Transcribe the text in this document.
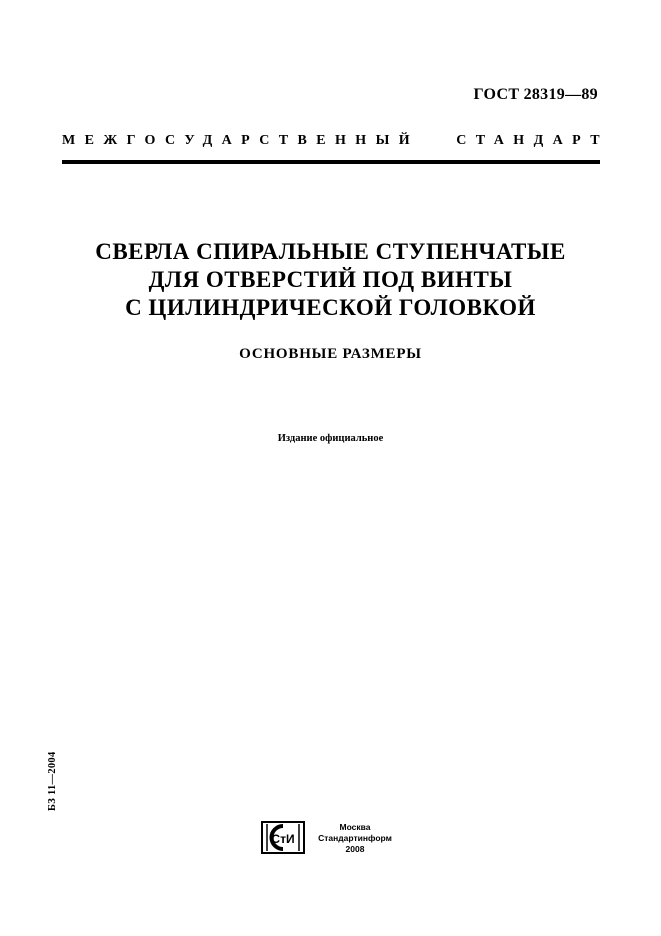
ГОСТ 28319—89
МЕЖГОСУДАРСТВЕННЫЙ	СТАНДАРТ
СВЕРЛА СПИРАЛЬНЫЕ СТУПЕНЧАТЫЕ
ДЛЯ ОТВЕРСТИЙ ПОД ВИНТЫ
С ЦИЛИНДРИЧЕСКОЙ ГОЛОВКОЙ
ОСНОВНЫЕ РАЗМЕРЫ
Издание официальное
БЗ 11—2004
СтИ
Москва
Стандартинформ
2008
